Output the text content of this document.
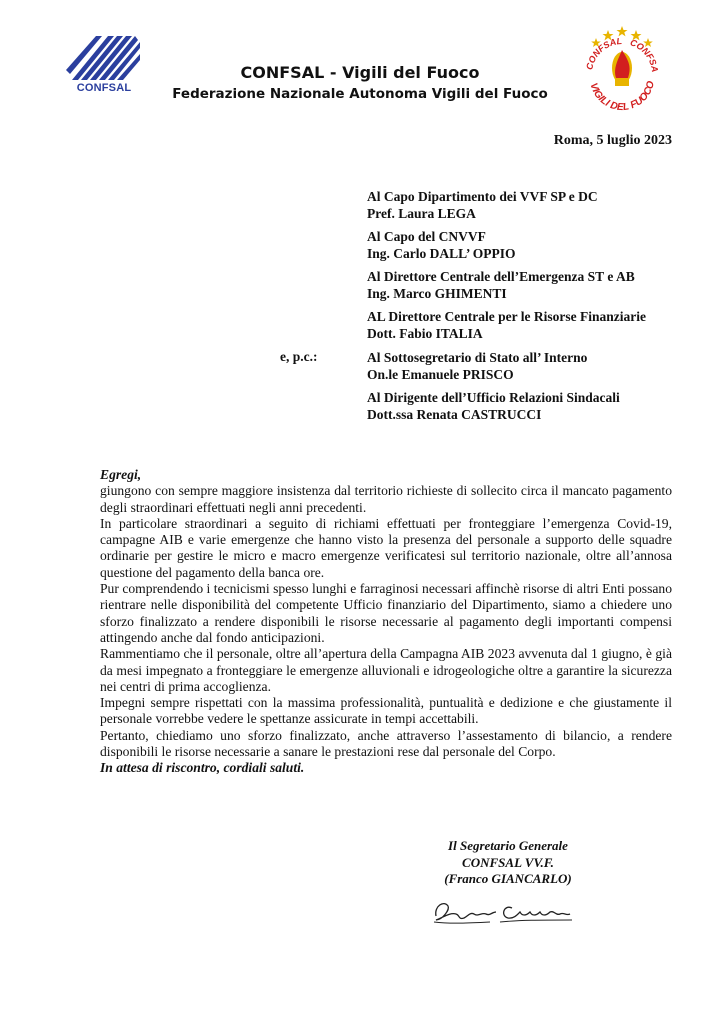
CONFSAL
CONFSAL - Vigili del Fuoco
Federazione Nazionale Autonoma Vigili del Fuoco
CONFSAL CONFSA
VIGILI DEL FUOCO
Roma, 5 luglio 2023
Al Capo Dipartimento dei VVF SP e DC
Pref. Laura LEGA
Al Capo del CNVVF
Ing. Carlo DALL’ OPPIO
Al Direttore Centrale dell’Emergenza ST e AB
Ing. Marco GHIMENTI
AL Direttore Centrale per le Risorse Finanziarie
Dott. Fabio ITALIA
e, p.c.:	Al Sottosegretario di Stato all’ Interno
On.le Emanuele PRISCO
Al Dirigente dell’Ufficio Relazioni Sindacali
Dott.ssa Renata CASTRUCCI

Egregi,

giungono con sempre maggiore insistenza dal territorio richieste di sollecito circa il mancato pagamento degli straordinari effettuati negli anni precedenti.

In particolare straordinari a seguito di richiami effettuati per fronteggiare l’emergenza Covid-19, campagne AIB e varie emergenze che hanno visto la presenza del personale a supporto delle squadre ordinarie per gestire le micro e macro emergenze verificatesi sul territorio nazionale, oltre all’annosa questione del pagamento della banca ore.

Pur comprendendo i tecnicismi spesso lunghi e farraginosi necessari affinchè risorse di altri Enti possano rientrare nelle disponibilità del competente Ufficio finanziario del Dipartimento, siamo a chiedere uno sforzo finalizzato a rendere disponibili le risorse necessarie al pagamento degli importanti compensi attingendo anche dal fondo anticipazioni.

Rammentiamo che il personale, oltre all’apertura della Campagna AIB 2023 avvenuta dal 1 giugno, è già da mesi impegnato a fronteggiare le emergenze alluvionali e idrogeologiche oltre a garantire la sicurezza nei centri di prima accoglienza.

Impegni sempre rispettati con la massima professionalità, puntualità e dedizione e che giustamente il personale vorrebbe vedere le spettanze assicurate in tempi accettabili.

Pertanto, chiediamo uno sforzo finalizzato, anche attraverso l’assestamento di bilancio, a rendere disponibili le risorse necessarie a sanare le prestazioni rese dal personale del Corpo.

In attesa di riscontro, cordiali saluti.

Il Segretario Generale
CONFSAL VV.F.
(Franco GIANCARLO)
